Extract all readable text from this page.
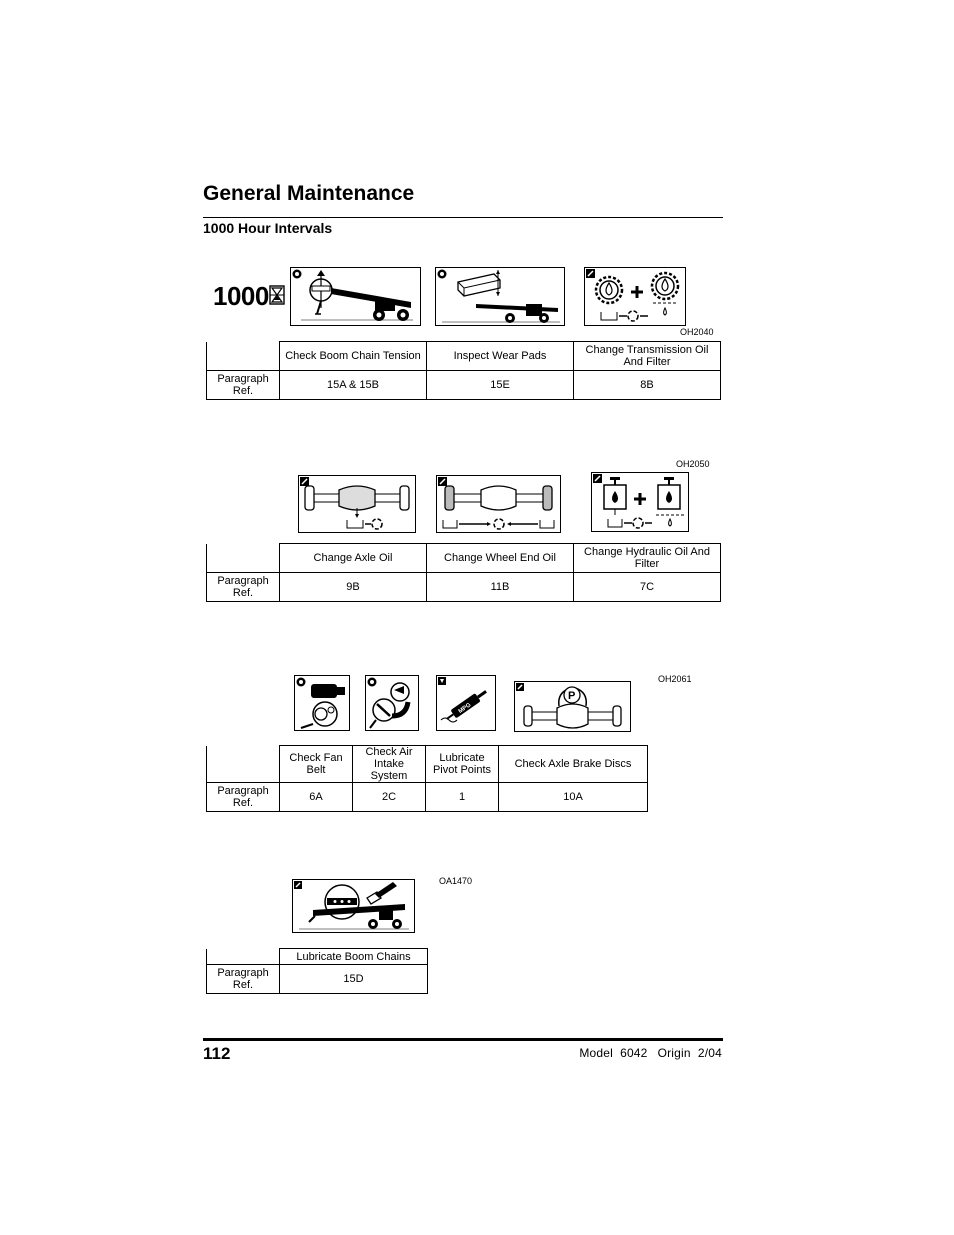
General Maintenance
1000 Hour Intervals
1000
OH2040
	Check Boom Chain Tension	Inspect Wear Pads	Change Transmission Oil And Filter
Paragraph Ref.	15A & 15B	15E	8B
OH2050
	Change Axle Oil	Change Wheel End Oil	Change Hydraulic Oil And Filter
Paragraph Ref.	9B	11B	7C
MPG
P
OH2061
	Check Fan Belt	Check Air Intake System	Lubricate Pivot Points	Check Axle Brake Discs
Paragraph Ref.	6A	2C	1	10A
OA1470
	Lubricate Boom Chains
Paragraph Ref.	15D
112	Model  6042 Origin  2/04
